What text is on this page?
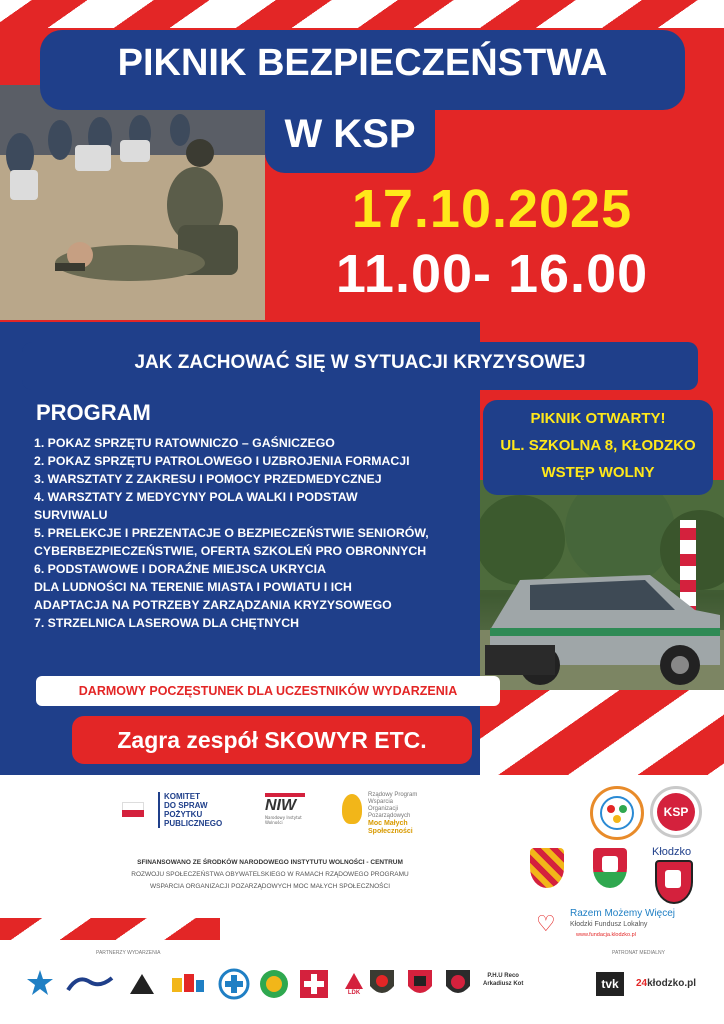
PIKNIK BEZPIECZEŃSTWA
W KSP
17.10.2025
11.00- 16.00
JAK ZACHOWAĆ SIĘ W SYTUACJI KRYZYSOWEJ
PROGRAM
1. POKAZ SPRZĘTU RATOWNICZO – GAŚNICZEGO
2. POKAZ SPRZĘTU PATROLOWEGO I UZBROJENIA FORMACJI
3. WARSZTATY Z ZAKRESU I POMOCY PRZEDMEDYCZNEJ
4. WARSZTATY Z MEDYCYNY POLA WALKI I PODSTAW
SURVIWALU
5. PRELEKCJE I PREZENTACJE O BEZPIECZEŃSTWIE SENIORÓW,
CYBERBEZPIECZEŃSTWIE, OFERTA SZKOLEŃ PRO OBRONNYCH
6. PODSTAWOWE I DORAŹNE MIEJSCA UKRYCIA
DLA LUDNOŚCI NA TERENIE MIASTA I POWIATU I ICH
ADAPTACJA NA POTRZEBY ZARZĄDZANIA KRYZYSOWEGO
7. STRZELNICA LASEROWA DLA CHĘTNYCH
PIKNIK OTWARTY!
UL. SZKOLNA 8, KŁODZKO
WSTĘP WOLNY
DARMOWY POCZĘSTUNEK DLA UCZESTNIKÓW WYDARZENIA
Zagra zespół SKOWYR ETC.
KOMITET
DO SPRAW
POŻYTKU
PUBLICZNEGO
NIW
Narodowy Instytut Wolności
Rządowy Program Wsparcia Organizacji Pozarządowych
Moc Małych Społeczności
SFINANSOWANO ZE ŚRODKÓW NARODOWEGO INSTYTUTU WOLNOŚCI - CENTRUM
ROZWOJU SPOŁECZEŃSTWA OBYWATELSKIEGO W RAMACH RZĄDOWEGO PROGRAMU
WSPARCIA ORGANIZACJI POZARZĄDOWYCH MOC MAŁYCH SPOŁECZNOŚCI
KSP
Kłodzko
♡ Razem Możemy Więcej
Kłodzki Fundusz Lokalny
www.fundacja.klodzko.pl
PARTNERZY WYDARZENIA	PATRONAT MEDIALNY
LDK
P.H.U Reco
Arkadiusz Kot	tvk	24kłodzko.pl
